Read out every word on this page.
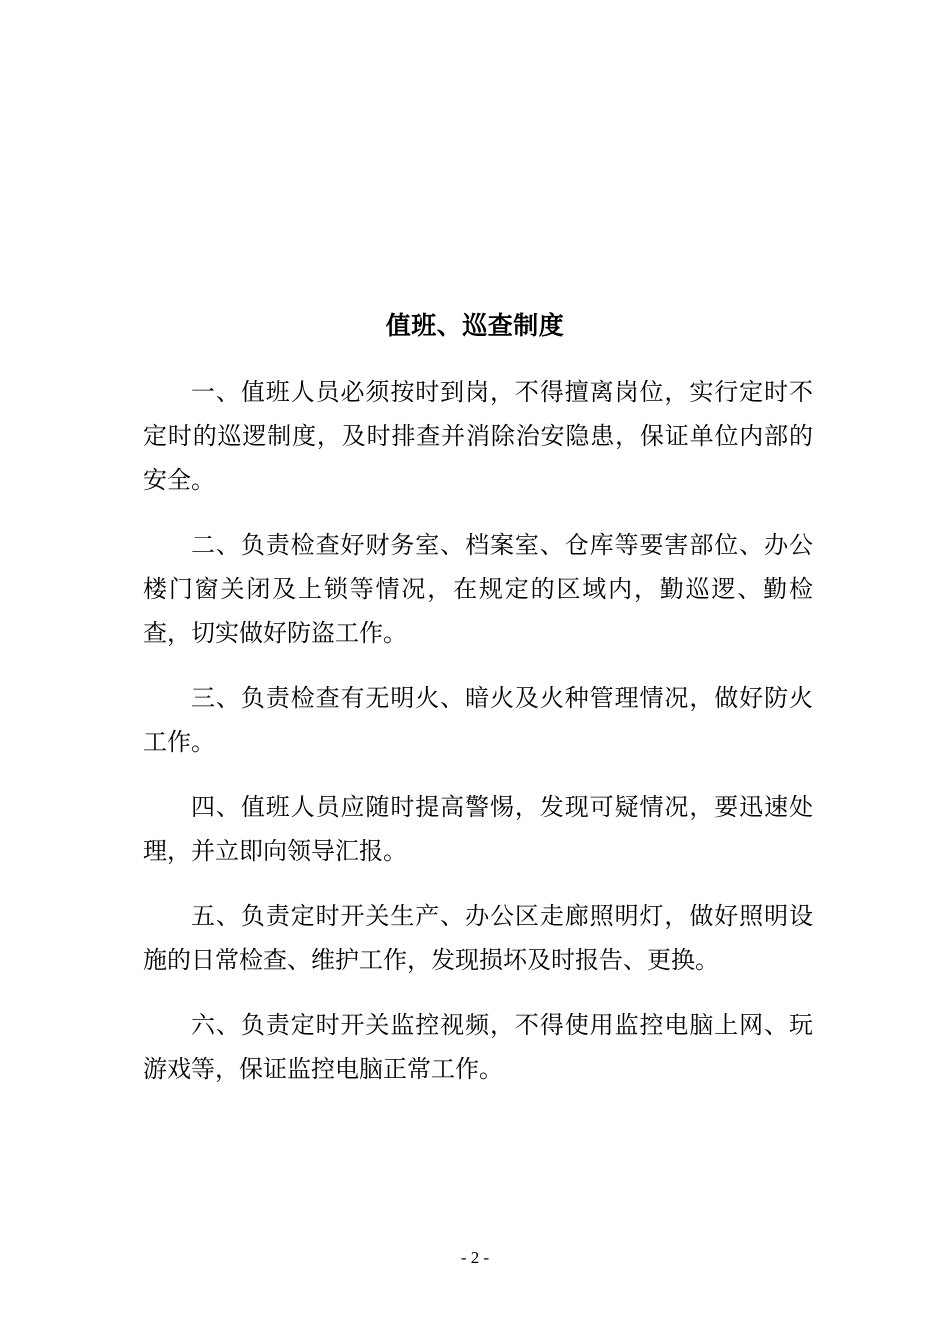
值班、巡查制度

一、值班人员必须按时到岗，不得擅离岗位，实行定时不定时的巡逻制度，及时排查并消除治安隐患，保证单位内部的安全。

二、负责检查好财务室、档案室、仓库等要害部位、办公楼门窗关闭及上锁等情况，在规定的区域内，勤巡逻、勤检查，切实做好防盗工作。

三、负责检查有无明火、暗火及火种管理情况，做好防火工作。

四、值班人员应随时提高警惕，发现可疑情况，要迅速处理，并立即向领导汇报。

五、负责定时开关生产、办公区走廊照明灯，做好照明设施的日常检查、维护工作，发现损坏及时报告、更换。

六、负责定时开关监控视频，不得使用监控电脑上网、玩游戏等，保证监控电脑正常工作。

- 2 -
